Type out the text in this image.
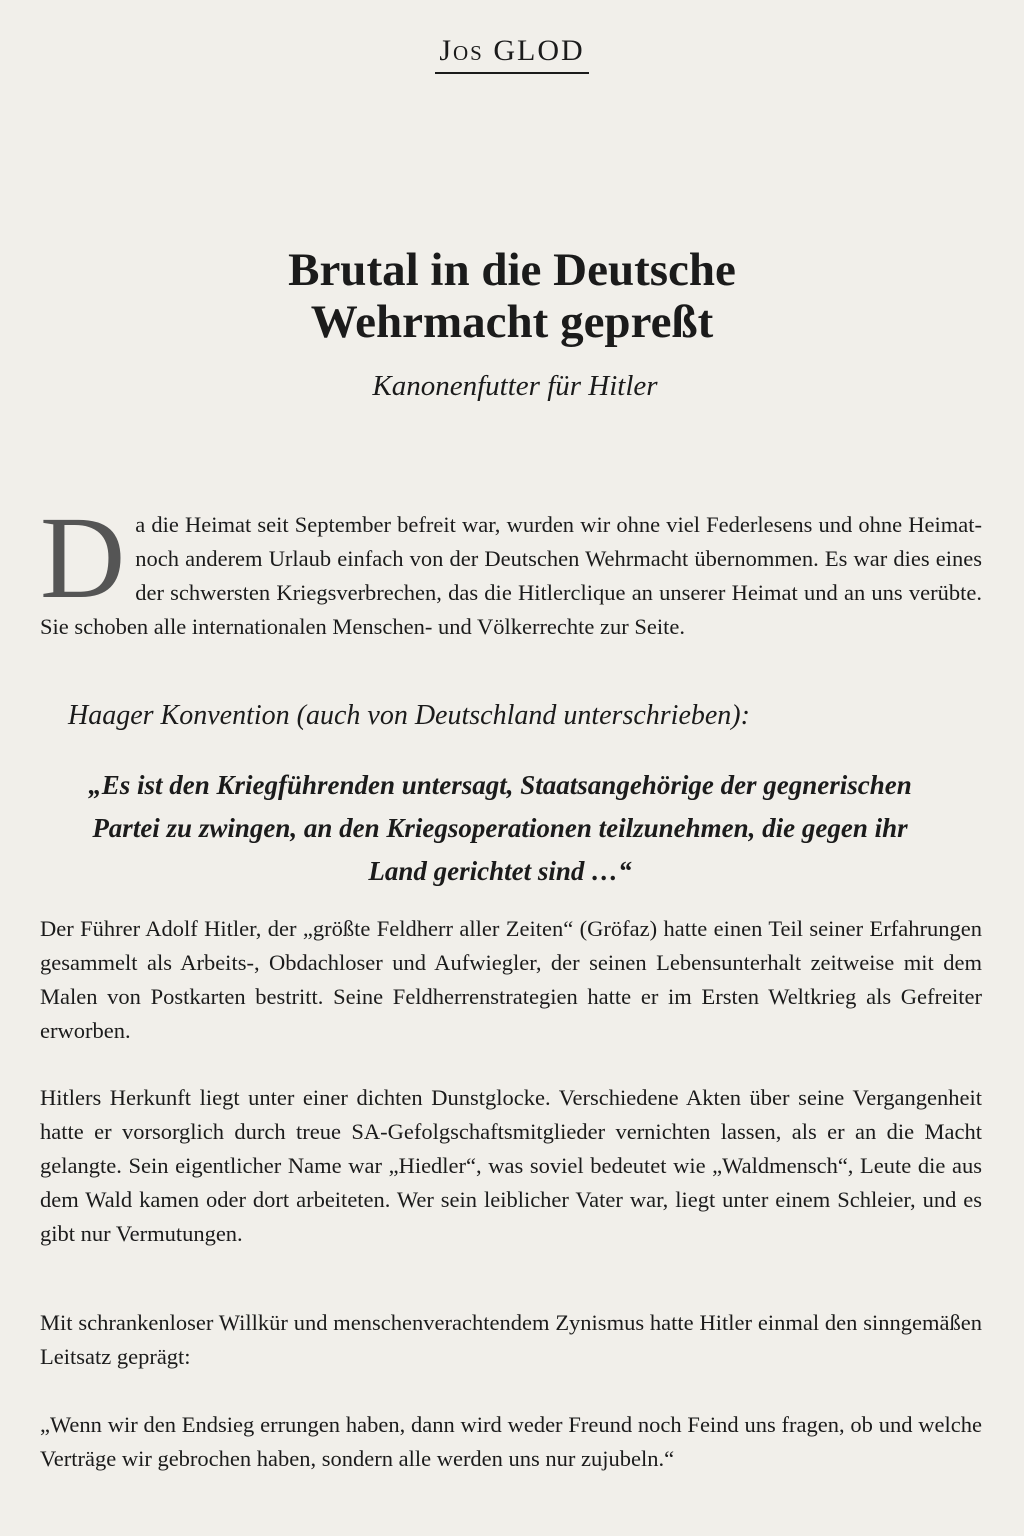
Jos GLOD
Brutal in die Deutsche
Wehrmacht gepreßt
Kanonenfutter für Hitler
D a die Heimat seit September befreit war, wurden wir ohne viel Federlesens und ohne Heimat- noch anderem Urlaub einfach von der Deutschen Wehrmacht übernommen. Es war dies eines der schwersten Kriegsverbrechen, das die Hitlerclique an unserer Heimat und an uns verübte. Sie schoben alle internationalen Menschen- und Völkerrechte zur Seite.
Haager Konvention (auch von Deutschland unterschrieben):
„Es ist den Kriegführenden untersagt, Staatsangehörige der gegnerischen Partei zu zwingen, an den Kriegsoperationen teilzunehmen, die gegen ihr Land gerichtet sind …“
Der Führer Adolf Hitler, der „größte Feldherr aller Zeiten“ (Gröfaz) hatte einen Teil seiner Erfahrungen gesammelt als Arbeits-, Obdachloser und Aufwiegler, der seinen Lebensunterhalt zeitweise mit dem Malen von Postkarten bestritt. Seine Feldherrenstrategien hatte er im Ersten Weltkrieg als Gefreiter erworben.
Hitlers Herkunft liegt unter einer dichten Dunstglocke. Verschiedene Akten über seine Vergangenheit hatte er vorsorglich durch treue SA-Gefolgschaftsmitglieder vernichten lassen, als er an die Macht gelangte. Sein eigentlicher Name war „Hiedler“, was soviel bedeutet wie „Waldmensch“, Leute die aus dem Wald kamen oder dort arbeiteten. Wer sein leiblicher Vater war, liegt unter einem Schleier, und es gibt nur Vermutungen.
Mit schrankenloser Willkür und menschenverachtendem Zynismus hatte Hitler einmal den sinngemäßen Leitsatz geprägt:
„Wenn wir den Endsieg errungen haben, dann wird weder Freund noch Feind uns fragen, ob und welche Verträge wir gebrochen haben, sondern alle werden uns nur zujubeln.“
